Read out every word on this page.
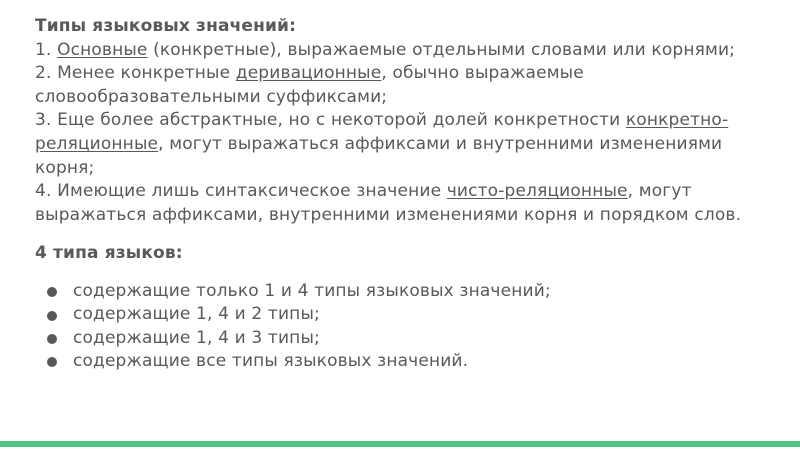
Типы языковых значений:

1. Основные (конкретные), выражаемые отдельными словами или корнями;

2. Менее конкретные деривационные, обычно выражаемые словообразовательными суффиксами;

3. Еще более абстрактные, но с некоторой долей конкретности конкретно-реляционные, могут выражаться аффиксами и внутренними изменениями корня;

4. Имеющие лишь синтаксическое значение чисто-реляционные, могут выражаться аффиксами, внутренними изменениями корня и порядком слов.

4 типа языков:

содержащие только 1 и 4 типы языковых значений;
содержащие 1, 4 и 2 типы;
содержащие 1, 4 и 3 типы;
содержащие все типы языковых значений.
